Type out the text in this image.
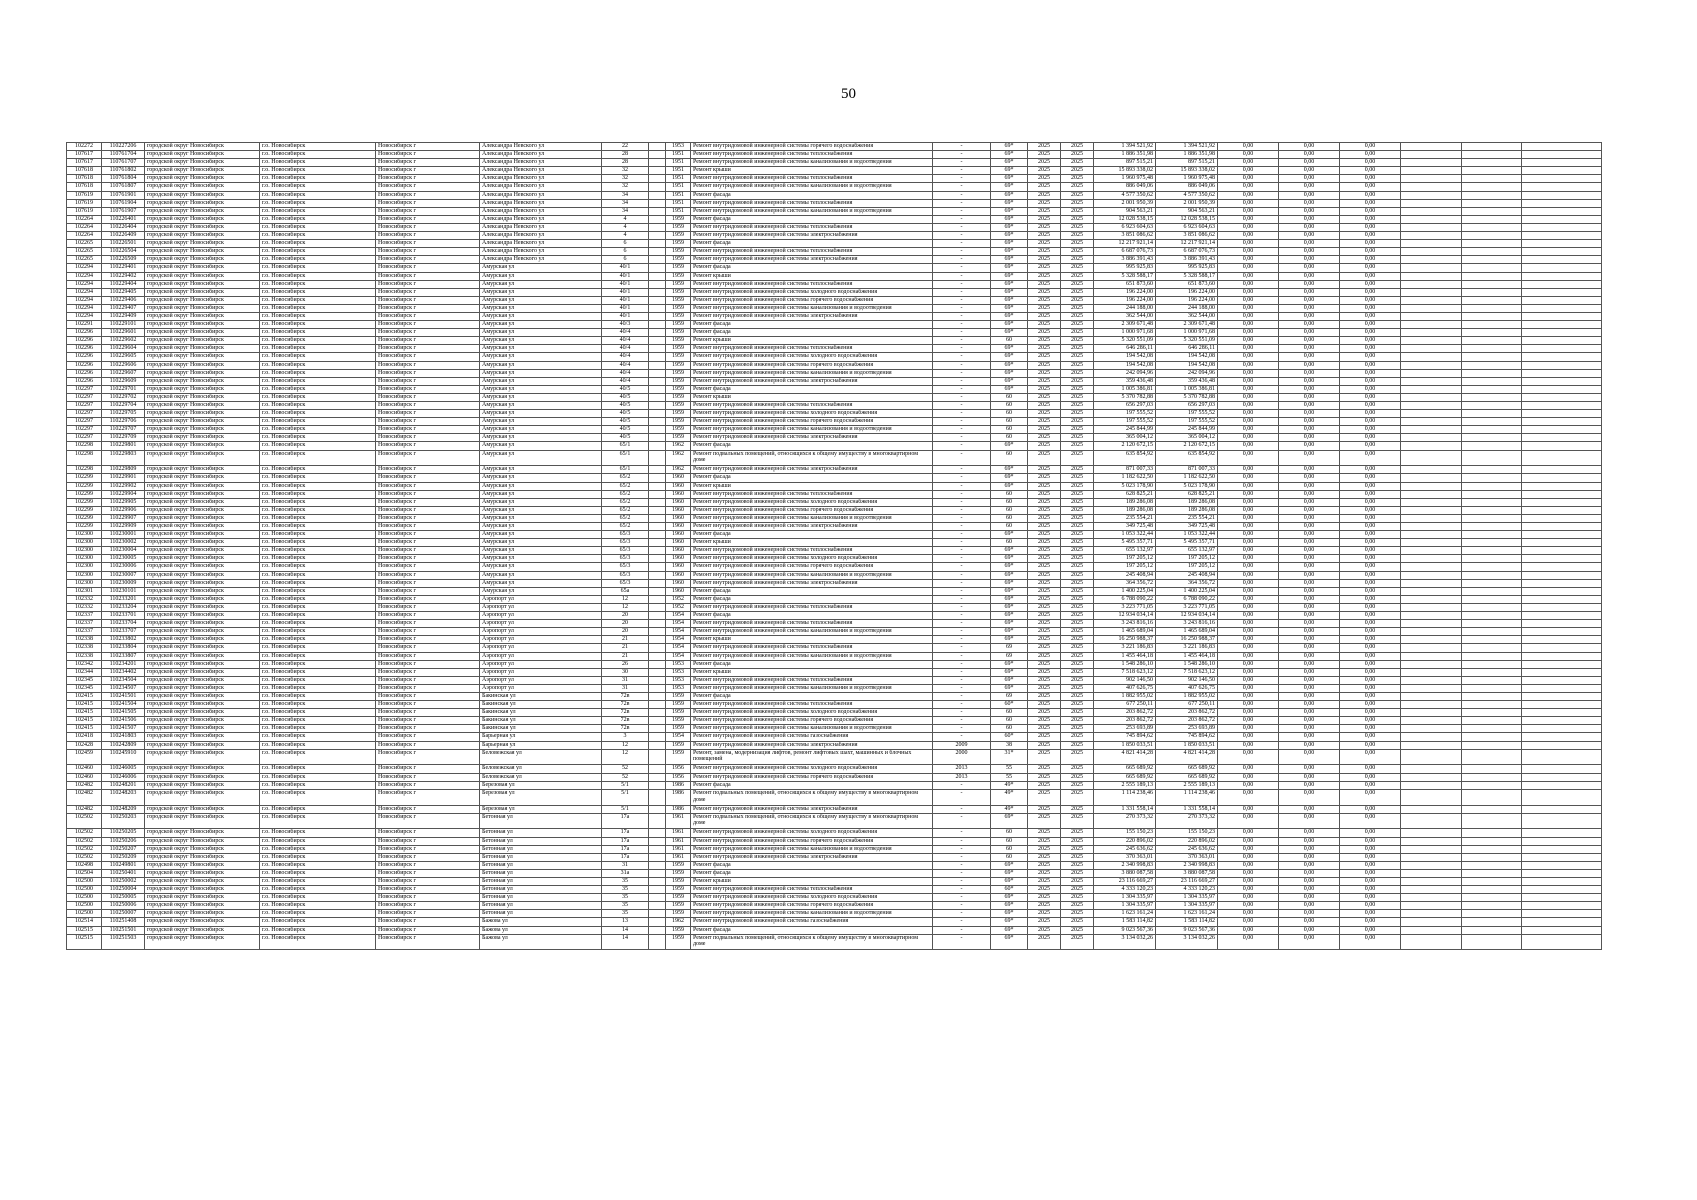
50
102272	110227206	городской округ Новосибирск	г.о. Новосибирск	Новосибирск г	Александра Невского ул	22		1953	Ремонт внутридомовой инженерной системы горячего водоснабжения	-	69*	2025	2025	1 394 521,92	1 394 521,92	0,00	0,00	0,00			
107617	110761704	городской округ Новосибирск	г.о. Новосибирск	Новосибирск г	Александра Невского ул	28		1951	Ремонт внутридомовой инженерной системы теплоснабжения	-	69*	2025	2025	1 886 351,98	1 886 351,98	0,00	0,00	0,00			
107617	110761707	городской округ Новосибирск	г.о. Новосибирск	Новосибирск г	Александра Невского ул	28		1951	Ремонт внутридомовой инженерной системы канализования и водоотведения	-	69*	2025	2025	897 515,21	897 515,21	0,00	0,00	0,00			
107618	110761802	городской округ Новосибирск	г.о. Новосибирск	Новосибирск г	Александра Невского ул	32		1951	Ремонт крыши	-	69*	2025	2025	15 893 338,02	15 893 338,02	0,00	0,00	0,00			
107618	110761804	городской округ Новосибирск	г.о. Новосибирск	Новосибирск г	Александра Невского ул	32		1951	Ремонт внутридомовой инженерной системы теплоснабжения	-	69*	2025	2025	1 960 975,48	1 960 975,48	0,00	0,00	0,00			
107618	110761807	городской округ Новосибирск	г.о. Новосибирск	Новосибирск г	Александра Невского ул	32		1951	Ремонт внутридомовой инженерной системы канализования и водоотведения	-	69*	2025	2025	886 049,06	886 049,06	0,00	0,00	0,00			
107619	110761901	городской округ Новосибирск	г.о. Новосибирск	Новосибирск г	Александра Невского ул	34		1951	Ремонт фасада	-	69*	2025	2025	4 577 350,62	4 577 350,62	0,00	0,00	0,00			
107619	110761904	городской округ Новосибирск	г.о. Новосибирск	Новосибирск г	Александра Невского ул	34		1951	Ремонт внутридомовой инженерной системы теплоснабжения	-	69*	2025	2025	2 001 950,39	2 001 950,39	0,00	0,00	0,00			
107619	110761907	городской округ Новосибирск	г.о. Новосибирск	Новосибирск г	Александра Невского ул	34		1951	Ремонт внутридомовой инженерной системы канализования и водоотведения	-	69*	2025	2025	904 563,21	904 563,21	0,00	0,00	0,00			
102264	110226401	городской округ Новосибирск	г.о. Новосибирск	Новосибирск г	Александра Невского ул	4		1959	Ремонт фасада	-	69*	2025	2025	12 028 538,15	12 028 538,15	0,00	0,00	0,00			
102264	110226404	городской округ Новосибирск	г.о. Новосибирск	Новосибирск г	Александра Невского ул	4		1959	Ремонт внутридомовой инженерной системы теплоснабжения	-	69*	2025	2025	6 923 604,63	6 923 604,63	0,00	0,00	0,00			
102264	110226409	городской округ Новосибирск	г.о. Новосибирск	Новосибирск г	Александра Невского ул	4		1959	Ремонт внутридомовой инженерной системы электроснабжения	-	69*	2025	2025	3 851 086,62	3 851 086,62	0,00	0,00	0,00			
102265	110226501	городской округ Новосибирск	г.о. Новосибирск	Новосибирск г	Александра Невского ул	6		1959	Ремонт фасада	-	69*	2025	2025	12 217 921,14	12 217 921,14	0,00	0,00	0,00			
102265	110226504	городской округ Новосибирск	г.о. Новосибирск	Новосибирск г	Александра Невского ул	6		1959	Ремонт внутридомовой инженерной системы теплоснабжения	-	69*	2025	2025	6 687 076,73	6 687 076,73	0,00	0,00	0,00			
102265	110226509	городской округ Новосибирск	г.о. Новосибирск	Новосибирск г	Александра Невского ул	6		1959	Ремонт внутридомовой инженерной системы электроснабжения	-	69*	2025	2025	3 886 391,43	3 886 391,43	0,00	0,00	0,00			
102294	110229401	городской округ Новосибирск	г.о. Новосибирск	Новосибирск г	Амурская ул	40/1		1959	Ремонт фасада	-	69*	2025	2025	995 925,83	995 925,83	0,00	0,00	0,00			
102294	110229402	городской округ Новосибирск	г.о. Новосибирск	Новосибирск г	Амурская ул	40/1		1959	Ремонт крыши	-	69*	2025	2025	5 328 588,17	5 328 588,17	0,00	0,00	0,00			
102294	110229404	городской округ Новосибирск	г.о. Новосибирск	Новосибирск г	Амурская ул	40/1		1959	Ремонт внутридомовой инженерной системы теплоснабжения	-	69*	2025	2025	651 873,60	651 873,60	0,00	0,00	0,00			
102294	110229405	городской округ Новосибирск	г.о. Новосибирск	Новосибирск г	Амурская ул	40/1		1959	Ремонт внутридомовой инженерной системы холодного водоснабжения	-	69*	2025	2025	196 224,00	196 224,00	0,00	0,00	0,00			
102294	110229406	городской округ Новосибирск	г.о. Новосибирск	Новосибирск г	Амурская ул	40/1		1959	Ремонт внутридомовой инженерной системы горячего водоснабжения	-	69*	2025	2025	196 224,00	196 224,00	0,00	0,00	0,00			
102294	110229407	городской округ Новосибирск	г.о. Новосибирск	Новосибирск г	Амурская ул	40/1		1959	Ремонт внутридомовой инженерной системы канализования и водоотведения	-	69*	2025	2025	244 188,00	244 188,00	0,00	0,00	0,00			
102294	110229409	городской округ Новосибирск	г.о. Новосибирск	Новосибирск г	Амурская ул	40/1		1959	Ремонт внутридомовой инженерной системы электроснабжения	-	69*	2025	2025	362 544,00	362 544,00	0,00	0,00	0,00			
102291	110229101	городской округ Новосибирск	г.о. Новосибирск	Новосибирск г	Амурская ул	40/3		1959	Ремонт фасада	-	69*	2025	2025	2 309 671,48	2 309 671,48	0,00	0,00	0,00			
102296	110229601	городской округ Новосибирск	г.о. Новосибирск	Новосибирск г	Амурская ул	40/4		1959	Ремонт фасада	-	69*	2025	2025	1 000 971,68	1 000 971,68	0,00	0,00	0,00			
102296	110229602	городской округ Новосибирск	г.о. Новосибирск	Новосибирск г	Амурская ул	40/4		1959	Ремонт крыши	-	60	2025	2025	5 320 551,09	5 320 551,09	0,00	0,00	0,00			
102296	110229604	городской округ Новосибирск	г.о. Новосибирск	Новосибирск г	Амурская ул	40/4		1959	Ремонт внутридомовой инженерной системы теплоснабжения	-	69*	2025	2025	646 286,11	646 286,11	0,00	0,00	0,00			
102296	110229605	городской округ Новосибирск	г.о. Новосибирск	Новосибирск г	Амурская ул	40/4		1959	Ремонт внутридомовой инженерной системы холодного водоснабжения	-	69*	2025	2025	194 542,08	194 542,08	0,00	0,00	0,00			
102296	110229606	городской округ Новосибирск	г.о. Новосибирск	Новосибирск г	Амурская ул	40/4		1959	Ремонт внутридомовой инженерной системы горячего водоснабжения	-	69*	2025	2025	194 542,08	194 542,08	0,00	0,00	0,00			
102296	110229607	городской округ Новосибирск	г.о. Новосибирск	Новосибирск г	Амурская ул	40/4		1959	Ремонт внутридомовой инженерной системы канализования и водоотведения	-	69*	2025	2025	242 094,96	242 094,96	0,00	0,00	0,00			
102296	110229609	городской округ Новосибирск	г.о. Новосибирск	Новосибирск г	Амурская ул	40/4		1959	Ремонт внутридомовой инженерной системы электроснабжения	-	69*	2025	2025	359 436,48	359 436,48	0,00	0,00	0,00			
102297	110229701	городской округ Новосибирск	г.о. Новосибирск	Новосибирск г	Амурская ул	40/5		1959	Ремонт фасада	-	69*	2025	2025	1 005 386,81	1 005 386,81	0,00	0,00	0,00			
102297	110229702	городской округ Новосибирск	г.о. Новосибирск	Новосибирск г	Амурская ул	40/5		1959	Ремонт крыши	-	60	2025	2025	5 370 782,88	5 370 782,88	0,00	0,00	0,00			
102297	110229704	городской округ Новосибирск	г.о. Новосибирск	Новосибирск г	Амурская ул	40/5		1959	Ремонт внутридомовой инженерной системы теплоснабжения	-	60	2025	2025	656 297,03	656 297,03	0,00	0,00	0,00			
102297	110229705	городской округ Новосибирск	г.о. Новосибирск	Новосибирск г	Амурская ул	40/5		1959	Ремонт внутридомовой инженерной системы холодного водоснабжения	-	60	2025	2025	197 555,52	197 555,52	0,00	0,00	0,00			
102297	110229706	городской округ Новосибирск	г.о. Новосибирск	Новосибирск г	Амурская ул	40/5		1959	Ремонт внутридомовой инженерной системы горячего водоснабжения	-	60	2025	2025	197 555,52	197 555,52	0,00	0,00	0,00			
102297	110229707	городской округ Новосибирск	г.о. Новосибирск	Новосибирск г	Амурская ул	40/5		1959	Ремонт внутридомовой инженерной системы канализования и водоотведения	-	60	2025	2025	245 844,99	245 844,99	0,00	0,00	0,00			
102297	110229709	городской округ Новосибирск	г.о. Новосибирск	Новосибирск г	Амурская ул	40/5		1959	Ремонт внутридомовой инженерной системы электроснабжения	-	60	2025	2025	365 004,12	365 004,12	0,00	0,00	0,00			
102298	110229801	городской округ Новосибирск	г.о. Новосибирск	Новосибирск г	Амурская ул	65/1		1962	Ремонт фасада	-	69*	2025	2025	2 120 672,15	2 120 672,15	0,00	0,00	0,00			
102298	110229803	городской округ Новосибирск	г.о. Новосибирск	Новосибирск г	Амурская ул	65/1		1962	Ремонт подвальных помещений, относящихся к общему имуществу в многоквартирном доме	-	60	2025	2025	635 854,92	635 854,92	0,00	0,00	0,00			
102298	110229809	городской округ Новосибирск	г.о. Новосибирск	Новосибирск г	Амурская ул	65/1		1962	Ремонт внутридомовой инженерной системы электроснабжения	-	69*	2025	2025	871 007,33	871 007,33	0,00	0,00	0,00			
102299	110229901	городской округ Новосибирск	г.о. Новосибирск	Новосибирск г	Амурская ул	65/2		1960	Ремонт фасада	-	69*	2025	2025	1 182 622,50	1 182 622,50	0,00	0,00	0,00			
102299	110229902	городской округ Новосибирск	г.о. Новосибирск	Новосибирск г	Амурская ул	65/2		1960	Ремонт крыши	-	69*	2025	2025	5 023 178,90	5 023 178,90	0,00	0,00	0,00			
102299	110229904	городской округ Новосибирск	г.о. Новосибирск	Новосибирск г	Амурская ул	65/2		1960	Ремонт внутридомовой инженерной системы теплоснабжения	-	60	2025	2025	628 825,21	628 825,21	0,00	0,00	0,00			
102299	110229905	городской округ Новосибирск	г.о. Новосибирск	Новосибирск г	Амурская ул	65/2		1960	Ремонт внутридомовой инженерной системы холодного водоснабжения	-	60	2025	2025	189 286,08	189 286,08	0,00	0,00	0,00			
102299	110229906	городской округ Новосибирск	г.о. Новосибирск	Новосибирск г	Амурская ул	65/2		1960	Ремонт внутридомовой инженерной системы горячего водоснабжения	-	60	2025	2025	189 286,08	189 286,08	0,00	0,00	0,00			
102299	110229907	городской округ Новосибирск	г.о. Новосибирск	Новосибирск г	Амурская ул	65/2		1960	Ремонт внутридомовой инженерной системы канализования и водоотведения	-	60	2025	2025	235 554,21	235 554,21	0,00	0,00	0,00			
102299	110229909	городской округ Новосибирск	г.о. Новосибирск	Новосибирск г	Амурская ул	65/2		1960	Ремонт внутридомовой инженерной системы электроснабжения	-	60	2025	2025	349 725,48	349 725,48	0,00	0,00	0,00			
102300	110230001	городской округ Новосибирск	г.о. Новосибирск	Новосибирск г	Амурская ул	65/3		1960	Ремонт фасада	-	69*	2025	2025	1 053 322,44	1 053 322,44	0,00	0,00	0,00			
102300	110230002	городской округ Новосибирск	г.о. Новосибирск	Новосибирск г	Амурская ул	65/3		1960	Ремонт крыши	-	60	2025	2025	5 495 357,71	5 495 357,71	0,00	0,00	0,00			
102300	110230004	городской округ Новосибирск	г.о. Новосибирск	Новосибирск г	Амурская ул	65/3		1960	Ремонт внутридомовой инженерной системы теплоснабжения	-	69*	2025	2025	655 132,97	655 132,97	0,00	0,00	0,00			
102300	110230005	городской округ Новосибирск	г.о. Новосибирск	Новосибирск г	Амурская ул	65/3		1960	Ремонт внутридомовой инженерной системы холодного водоснабжения	-	69*	2025	2025	197 205,12	197 205,12	0,00	0,00	0,00			
102300	110230006	городской округ Новосибирск	г.о. Новосибирск	Новосибирск г	Амурская ул	65/3		1960	Ремонт внутридомовой инженерной системы горячего водоснабжения	-	69*	2025	2025	197 205,12	197 205,12	0,00	0,00	0,00			
102300	110230007	городской округ Новосибирск	г.о. Новосибирск	Новосибирск г	Амурская ул	65/3		1960	Ремонт внутридомовой инженерной системы канализования и водоотведения	-	69*	2025	2025	245 408,94	245 408,94	0,00	0,00	0,00			
102300	110230009	городской округ Новосибирск	г.о. Новосибирск	Новосибирск г	Амурская ул	65/3		1960	Ремонт внутридомовой инженерной системы электроснабжения	-	69*	2025	2025	364 356,72	364 356,72	0,00	0,00	0,00			
102301	110230101	городской округ Новосибирск	г.о. Новосибирск	Новосибирск г	Амурская ул	65а		1960	Ремонт фасада	-	69*	2025	2025	1 400 225,04	1 400 225,04	0,00	0,00	0,00			
102332	110233201	городской округ Новосибирск	г.о. Новосибирск	Новосибирск г	Аэропорт ул	12		1952	Ремонт фасада	-	69*	2025	2025	6 788 090,22	6 788 090,22	0,00	0,00	0,00			
102332	110233204	городской округ Новосибирск	г.о. Новосибирск	Новосибирск г	Аэропорт ул	12		1952	Ремонт внутридомовой инженерной системы теплоснабжения	-	69*	2025	2025	3 223 771,05	3 223 771,05	0,00	0,00	0,00			
102337	110233701	городской округ Новосибирск	г.о. Новосибирск	Новосибирск г	Аэропорт ул	20		1954	Ремонт фасада	-	69*	2025	2025	12 934 034,14	12 934 034,14	0,00	0,00	0,00			
102337	110233704	городской округ Новосибирск	г.о. Новосибирск	Новосибирск г	Аэропорт ул	20		1954	Ремонт внутридомовой инженерной системы теплоснабжения	-	69*	2025	2025	3 243 816,16	3 243 816,16	0,00	0,00	0,00			
102337	110233707	городской округ Новосибирск	г.о. Новосибирск	Новосибирск г	Аэропорт ул	20		1954	Ремонт внутридомовой инженерной системы канализования и водоотведения	-	69*	2025	2025	1 465 689,04	1 465 689,04	0,00	0,00	0,00			
102338	110233802	городской округ Новосибирск	г.о. Новосибирск	Новосибирск г	Аэропорт ул	21		1954	Ремонт крыши	-	69*	2025	2025	16 250 988,37	16 250 988,37	0,00	0,00	0,00			
102338	110233804	городской округ Новосибирск	г.о. Новосибирск	Новосибирск г	Аэропорт ул	21		1954	Ремонт внутридомовой инженерной системы теплоснабжения	-	69	2025	2025	3 221 186,83	3 221 186,83	0,00	0,00	0,00			
102338	110233807	городской округ Новосибирск	г.о. Новосибирск	Новосибирск г	Аэропорт ул	21		1954	Ремонт внутридомовой инженерной системы канализования и водоотведения	-	69	2025	2025	1 455 464,18	1 455 464,18	0,00	0,00	0,00			
102342	110234201	городской округ Новосибирск	г.о. Новосибирск	Новосибирск г	Аэропорт ул	26		1953	Ремонт фасада	-	69*	2025	2025	1 548 286,10	1 548 286,10	0,00	0,00	0,00			
102344	110234402	городской округ Новосибирск	г.о. Новосибирск	Новосибирск г	Аэропорт ул	30		1953	Ремонт крыши	-	69*	2025	2025	7 518 623,12	7 518 623,12	0,00	0,00	0,00			
102345	110234504	городской округ Новосибирск	г.о. Новосибирск	Новосибирск г	Аэропорт ул	31		1953	Ремонт внутридомовой инженерной системы теплоснабжения	-	69*	2025	2025	902 146,50	902 146,50	0,00	0,00	0,00			
102345	110234507	городской округ Новосибирск	г.о. Новосибирск	Новосибирск г	Аэропорт ул	31		1953	Ремонт внутридомовой инженерной системы канализования и водоотведения	-	69*	2025	2025	407 626,75	407 626,75	0,00	0,00	0,00			
102415	110241501	городской округ Новосибирск	г.о. Новосибирск	Новосибирск г	Бакинская ул	72в		1959	Ремонт фасада	-	69	2025	2025	1 882 955,02	1 882 955,02	0,00	0,00	0,00			
102415	110241504	городской округ Новосибирск	г.о. Новосибирск	Новосибирск г	Бакинская ул	72в		1959	Ремонт внутридомовой инженерной системы теплоснабжения	-	60*	2025	2025	677 250,11	677 250,11	0,00	0,00	0,00			
102415	110241505	городской округ Новосибирск	г.о. Новосибирск	Новосибирск г	Бакинская ул	72в		1959	Ремонт внутридомовой инженерной системы холодного водоснабжения	-	60	2025	2025	203 862,72	203 862,72	0,00	0,00	0,00			
102415	110241506	городской округ Новосибирск	г.о. Новосибирск	Новосибирск г	Бакинская ул	72в		1959	Ремонт внутридомовой инженерной системы горячего водоснабжения	-	60	2025	2025	203 862,72	203 862,72	0,00	0,00	0,00			
102415	110241507	городской округ Новосибирск	г.о. Новосибирск	Новосибирск г	Бакинская ул	72в		1959	Ремонт внутридомовой инженерной системы канализования и водоотведения	-	60	2025	2025	253 693,89	253 693,89	0,00	0,00	0,00			
102418	110241803	городской округ Новосибирск	г.о. Новосибирск	Новосибирск г	Барьерная ул	3		1954	Ремонт внутридомовой инженерной системы газоснабжения	-	60*	2025	2025	745 894,62	745 894,62	0,00	0,00	0,00			
102428	110242809	городской округ Новосибирск	г.о. Новосибирск	Новосибирск г	Барьерная ул	12		1959	Ремонт внутридомовой инженерной системы электроснабжения	2009	38	2025	2025	1 850 033,51	1 850 033,51	0,00	0,00	0,00			
102459	110245910	городской округ Новосибирск	г.о. Новосибирск	Новосибирск г	Беловежская ул	12		1959	Ремонт, замена, модернизация лифтов, ремонт лифтовых шахт, машинных и блочных помещений	2000	31*	2025	2025	4 821 414,28	4 821 414,28	0,00	0,00	0,00			
102460	110246005	городской округ Новосибирск	г.о. Новосибирск	Новосибирск г	Беловежская ул	52		1956	Ремонт внутридомовой инженерной системы холодного водоснабжения	2013	55	2025	2025	665 689,92	665 689,92	0,00	0,00	0,00			
102460	110246006	городской округ Новосибирск	г.о. Новосибирск	Новосибирск г	Беловежская ул	52		1956	Ремонт внутридомовой инженерной системы горячего водоснабжения	2013	55	2025	2025	665 689,92	665 689,92	0,00	0,00	0,00			
102482	110248201	городской округ Новосибирск	г.о. Новосибирск	Новосибирск г	Березовая ул	5/1		1986	Ремонт фасада	-	49*	2025	2025	2 555 189,13	2 555 189,13	0,00	0,00	0,00			
102482	110248203	городской округ Новосибирск	г.о. Новосибирск	Новосибирск г	Березовая ул	5/1		1986	Ремонт подвальных помещений, относящихся к общему имуществу в многоквартирном доме	-	49*	2025	2025	1 114 238,46	1 114 238,46	0,00	0,00	0,00			
102482	110248209	городской округ Новосибирск	г.о. Новосибирск	Новосибирск г	Березовая ул	5/1		1986	Ремонт внутридомовой инженерной системы электроснабжения	-	49*	2025	2025	1 331 558,14	1 331 558,14	0,00	0,00	0,00			
102502	110250203	городской округ Новосибирск	г.о. Новосибирск	Новосибирск г	Бетонная ул	17а		1961	Ремонт подвальных помещений, относящихся к общему имуществу в многоквартирном доме	-	69*	2025	2025	270 373,32	270 373,32	0,00	0,00	0,00			
102502	110250205	городской округ Новосибирск	г.о. Новосибирск	Новосибирск г	Бетонная ул	17а		1961	Ремонт внутридомовой инженерной системы холодного водоснабжения	-	60	2025	2025	155 150,23	155 150,23	0,00	0,00	0,00			
102502	110250206	городской округ Новосибирск	г.о. Новосибирск	Новосибирск г	Бетонная ул	17а		1961	Ремонт внутридомовой инженерной системы горячего водоснабжения	-	60	2025	2025	220 896,02	220 896,02	0,00	0,00	0,00			
102502	110250207	городской округ Новосибирск	г.о. Новосибирск	Новосибирск г	Бетонная ул	17а		1961	Ремонт внутридомовой инженерной системы канализования и водоотведения	-	60	2025	2025	245 636,62	245 636,62	0,00	0,00	0,00			
102502	110250209	городской округ Новосибирск	г.о. Новосибирск	Новосибирск г	Бетонная ул	17а		1961	Ремонт внутридомовой инженерной системы электроснабжения	-	60	2025	2025	370 363,01	370 363,01	0,00	0,00	0,00			
102498	110249801	городской округ Новосибирск	г.о. Новосибирск	Новосибирск г	Бетонная ул	31		1959	Ремонт фасада	-	69*	2025	2025	2 340 998,83	2 340 998,83	0,00	0,00	0,00			
102504	110250401	городской округ Новосибирск	г.о. Новосибирск	Новосибирск г	Бетонная ул	31а		1959	Ремонт фасада	-	69*	2025	2025	3 880 087,58	3 880 087,58	0,00	0,00	0,00			
102500	110250002	городской округ Новосибирск	г.о. Новосибирск	Новосибирск г	Бетонная ул	35		1959	Ремонт крыши	-	69*	2025	2025	23 116 669,27	23 116 669,27	0,00	0,00	0,00			
102500	110250004	городской округ Новосибирск	г.о. Новосибирск	Новосибирск г	Бетонная ул	35		1959	Ремонт внутридомовой инженерной системы теплоснабжения	-	60*	2025	2025	4 333 120,23	4 333 120,23	0,00	0,00	0,00			
102500	110250005	городской округ Новосибирск	г.о. Новосибирск	Новосибирск г	Бетонная ул	35		1959	Ремонт внутридомовой инженерной системы холодного водоснабжения	-	69*	2025	2025	1 304 335,97	1 304 335,97	0,00	0,00	0,00			
102500	110250006	городской округ Новосибирск	г.о. Новосибирск	Новосибирск г	Бетонная ул	35		1959	Ремонт внутридомовой инженерной системы горячего водоснабжения	-	69*	2025	2025	1 304 335,97	1 304 335,97	0,00	0,00	0,00			
102500	110250007	городской округ Новосибирск	г.о. Новосибирск	Новосибирск г	Бетонная ул	35		1959	Ремонт внутридомовой инженерной системы канализования и водоотведения	-	69*	2025	2025	1 623 161,24	1 623 161,24	0,00	0,00	0,00			
102514	110251408	городской округ Новосибирск	г.о. Новосибирск	Новосибирск г	Бажова ул	13		1962	Ремонт внутридомовой инженерной системы газоснабжения	-	69*	2025	2025	1 583 114,82	1 583 114,82	0,00	0,00	0,00			
102515	110251501	городской округ Новосибирск	г.о. Новосибирск	Новосибирск г	Бажова ул	14		1959	Ремонт фасада	-	69*	2025	2025	9 023 567,36	9 023 567,36	0,00	0,00	0,00			
102515	110251503	городской округ Новосибирск	г.о. Новосибирск	Новосибирск г	Бажова ул	14		1959	Ремонт подвальных помещений, относящихся к общему имуществу в многоквартирном доме	-	69*	2025	2025	3 134 032,26	3 134 032,26	0,00	0,00	0,00			
